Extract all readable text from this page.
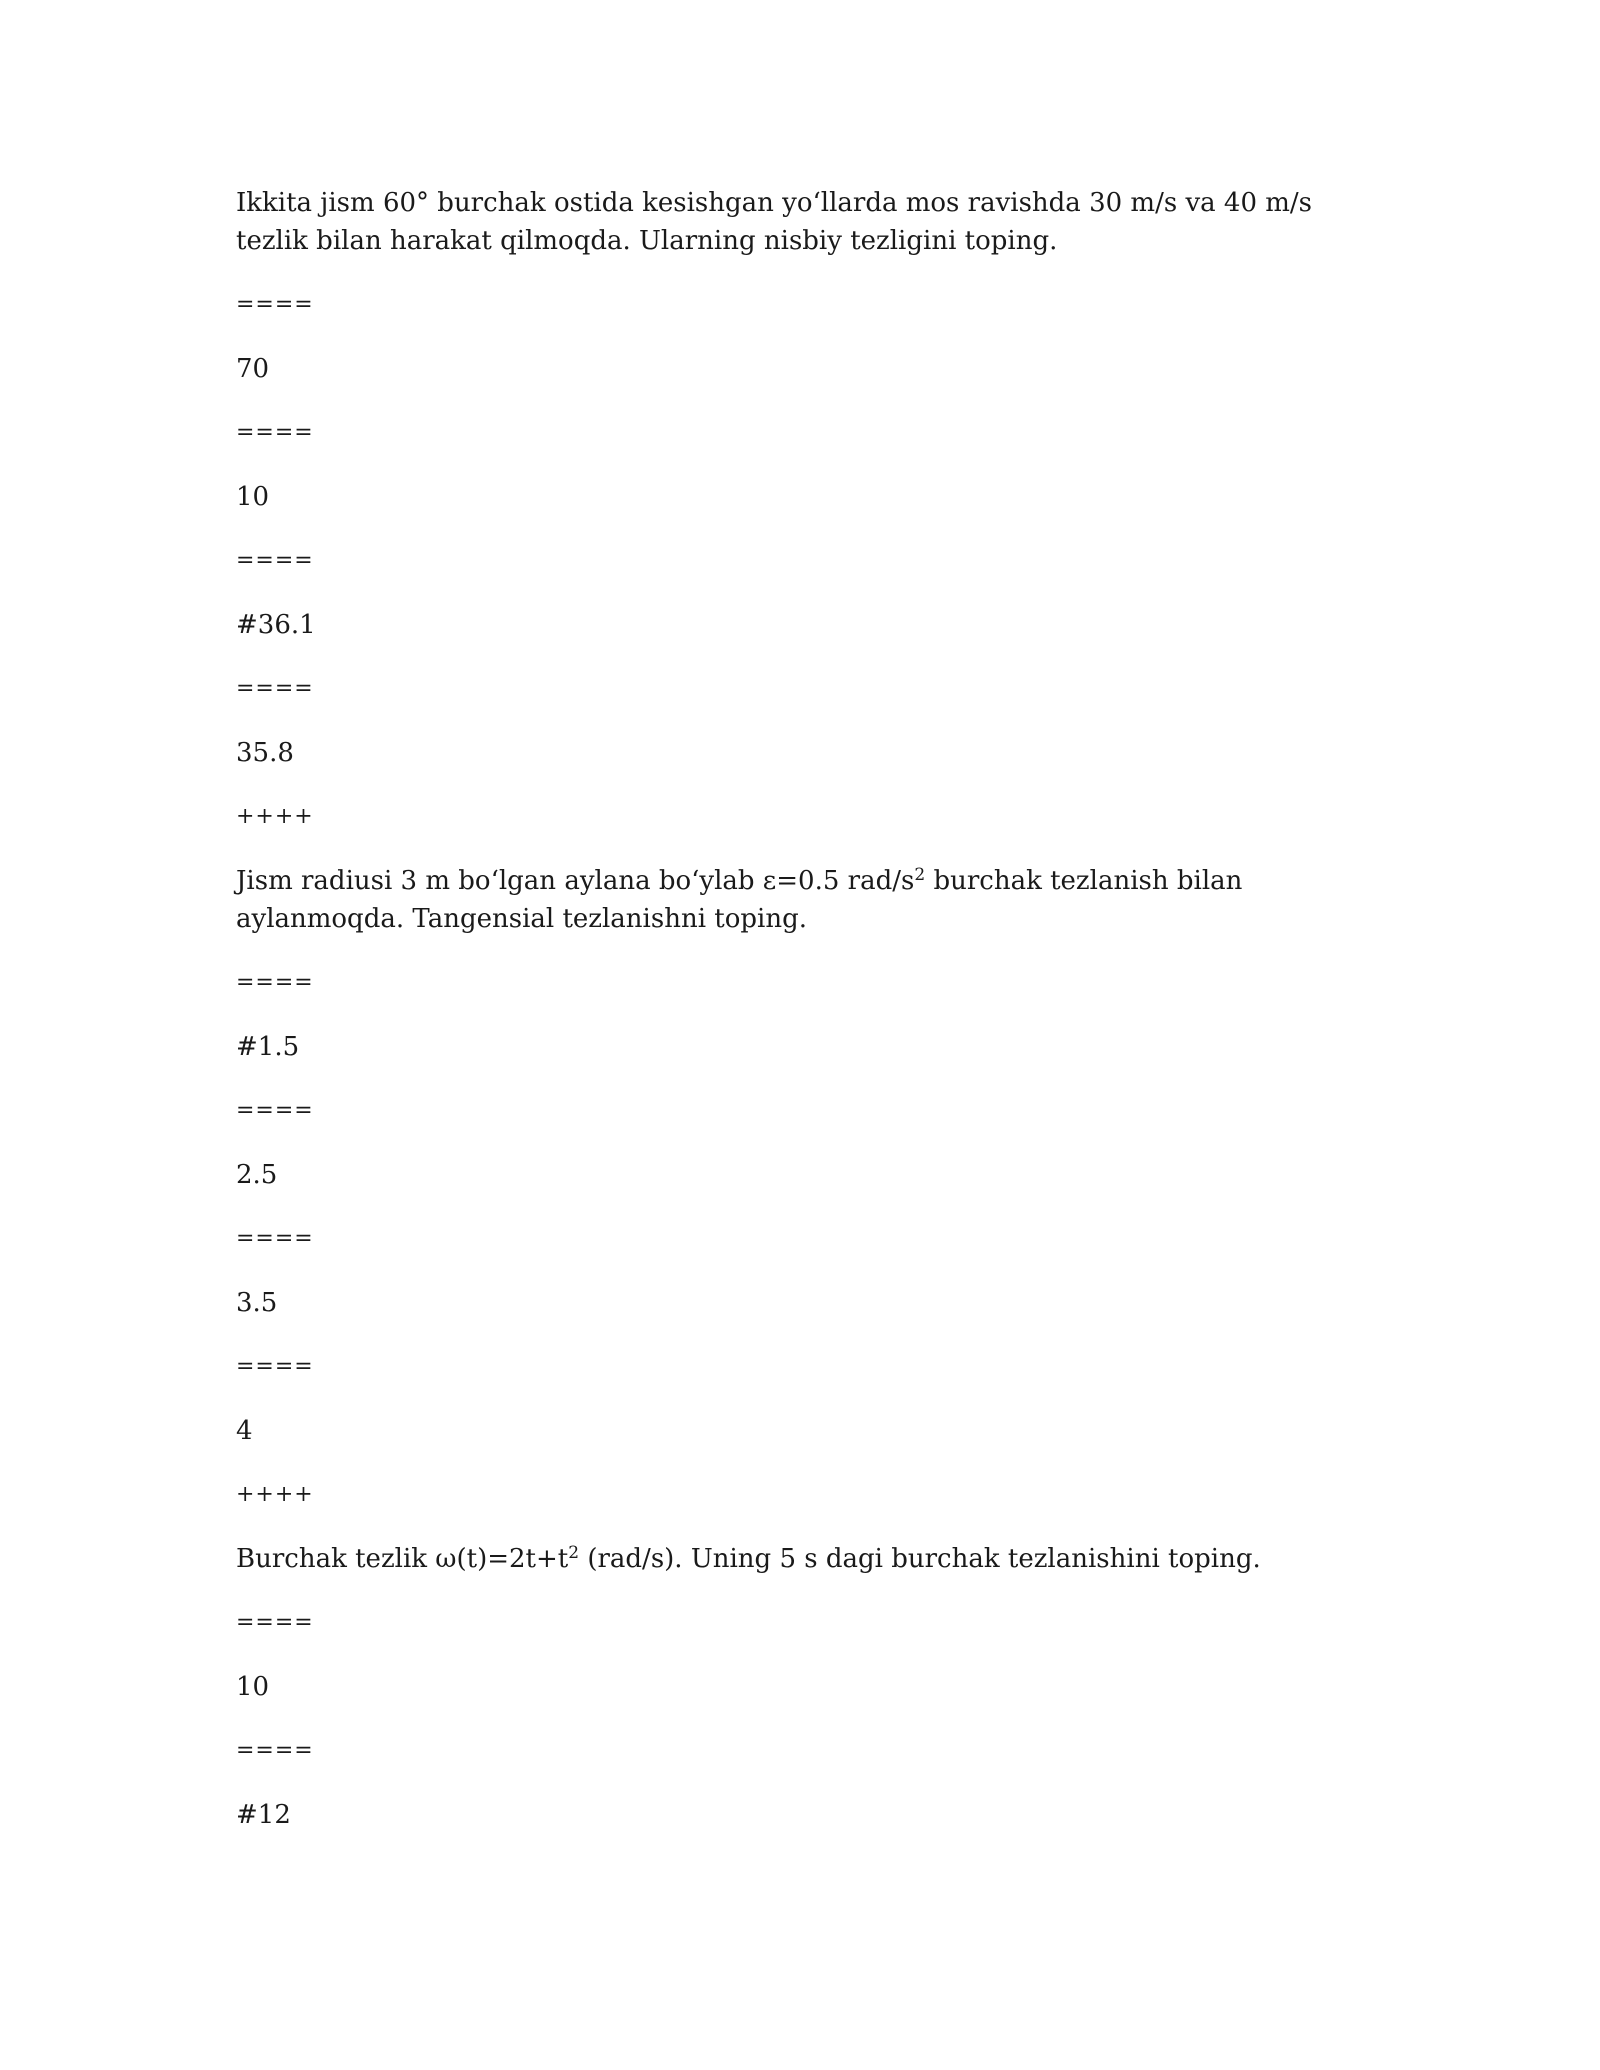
Ikkita jism 60° burchak ostida kesishgan yo‘llarda mos ravishda 30 m/s va 40 m/s tezlik bilan harakat qilmoqda. Ularning nisbiy tezligini toping.

====

70

====

10

====

#36.1

====

35.8

++++

Jism radiusi 3 m bo‘lgan aylana bo‘ylab ε=0.5 rad/$s^2$ burchak tezlanish bilan aylanmoqda. Tangensial tezlanishni toping.

====

#1.5

====

2.5

====

3.5

====

4

++++

Burchak tezlik $\omega(t)=2t+t^2$ (rad/s). Uning 5 s dagi burchak tezlanishini toping.

====

10

====

#12
